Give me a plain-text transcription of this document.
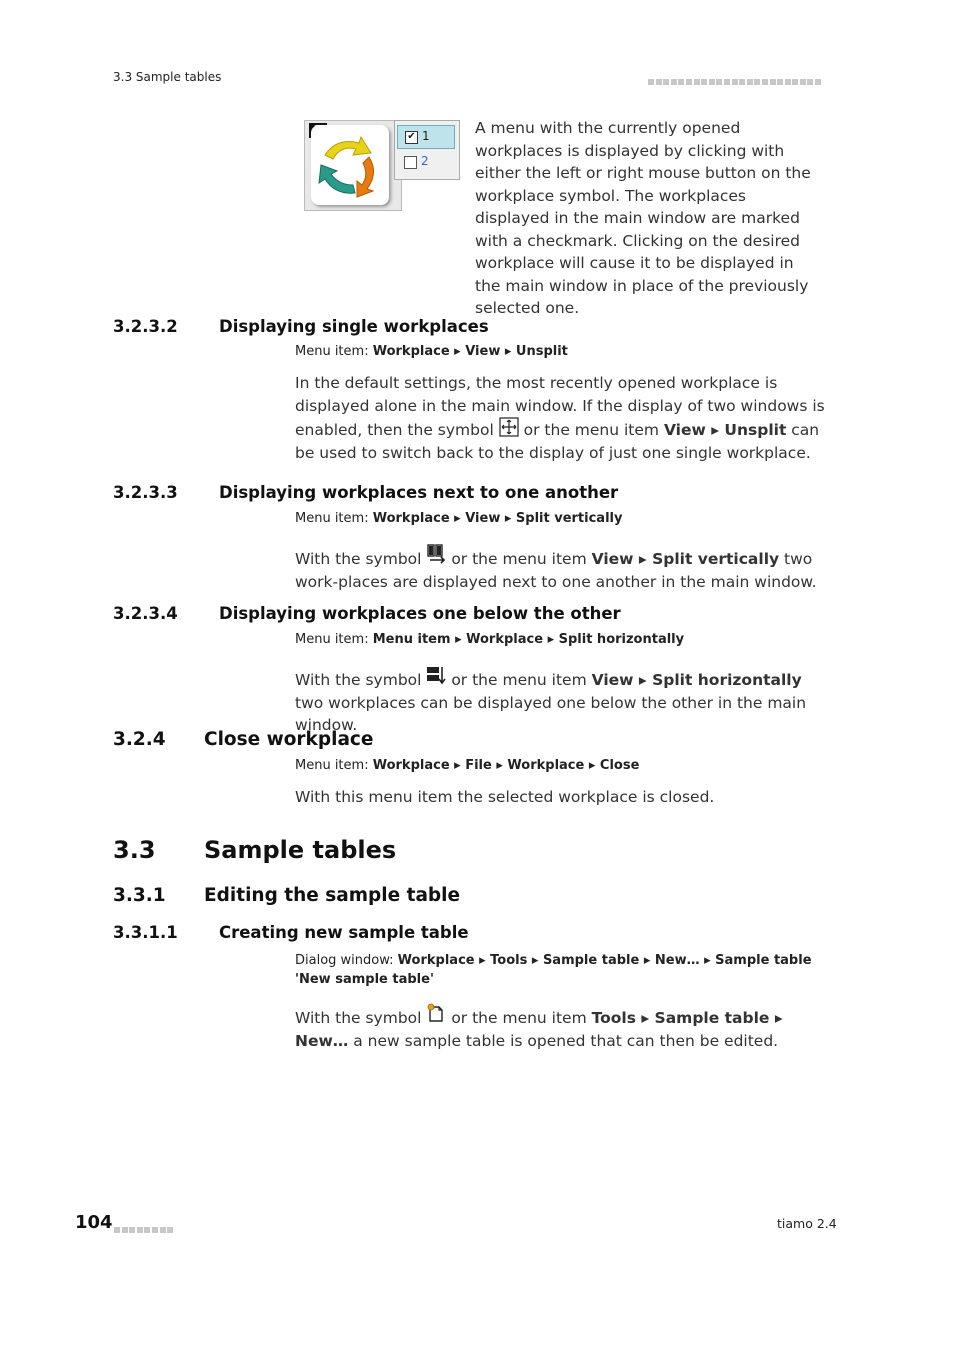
3.3 Sample tables
✔ 1
2
A menu with the currently opened workplaces is displayed by clicking with either the left or right mouse button on the workplace symbol. The workplaces displayed in the main window are marked with a checkmark. Clicking on the desired workplace will cause it to be displayed in the main window in place of the previously selected one.
3.2.3.2	Displaying single workplaces
Menu item: Workplace ▸ View ▸ Unsplit
In the default settings, the most recently opened workplace is displayed alone in the main window. If the display of two windows is enabled, then the symbol  or the menu item View ▸ Unsplit can be used to switch back to the display of just one single workplace.
3.2.3.3	Displaying workplaces next to one another
Menu item: Workplace ▸ View ▸ Split vertically
With the symbol  or the menu item View ▸ Split vertically two work-places are displayed next to one another in the main window.
3.2.3.4	Displaying workplaces one below the other
Menu item: Menu item ▸ Workplace ▸ Split horizontally
With the symbol  or the menu item View ▸ Split horizontally two workplaces can be displayed one below the other in the main window.
3.2.4 Close workplace
Menu item: Workplace ▸ File ▸ Workplace ▸ Close
With this menu item the selected workplace is closed.
3.3 Sample tables
3.3.1 Editing the sample table
3.3.1.1	Creating new sample table
Dialog window: Workplace ▸ Tools ▸ Sample table ▸ New… ▸ Sample table 'New sample table'
With the symbol  or the menu item Tools ▸ Sample table ▸ New… a new sample table is opened that can then be edited.
104	tiamo 2.4
